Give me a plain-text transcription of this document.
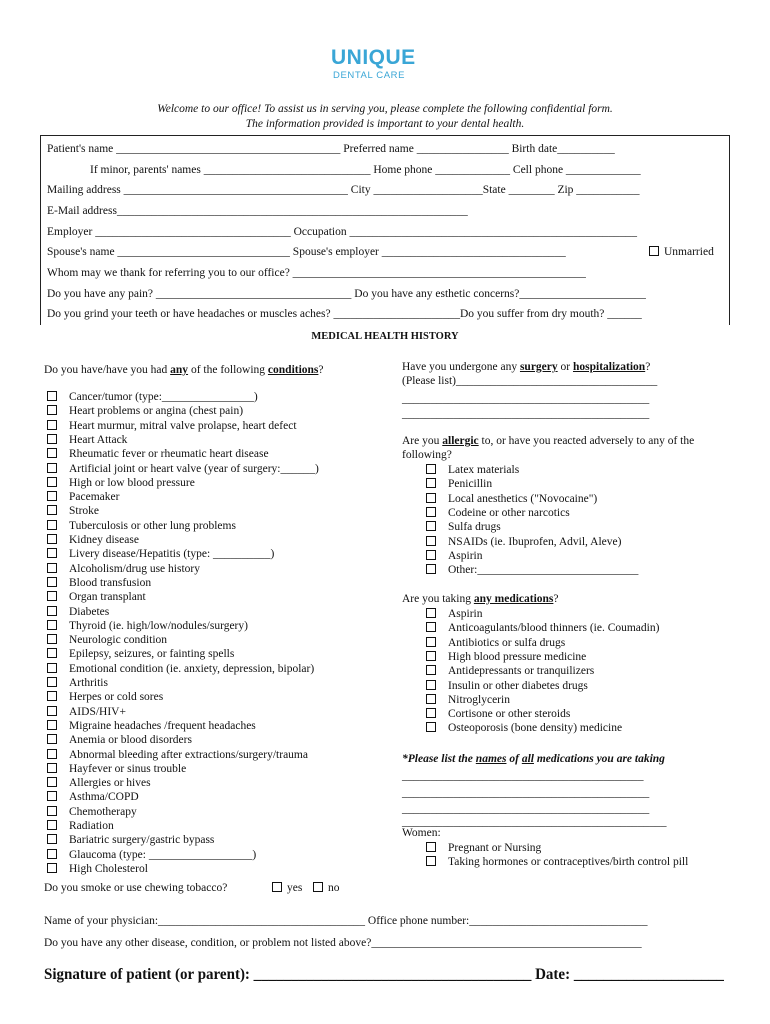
UNIQUE
DENTAL CARE
Welcome to our office! To assist us in serving you, please complete the following confidential form.
The information provided is important to your dental health.
Patient's name _______________________________________ Preferred name ________________ Birth date__________
If minor, parents' names _____________________________ Home phone _____________ Cell phone _____________
Mailing address _______________________________________ City ___________________State ________ Zip ___________
E-Mail address_____________________________________________________________
Employer __________________________________ Occupation __________________________________________________
Spouse's name ______________________________ Spouse's employer ________________________________	Unmarried
Whom may we thank for referring you to our office? ___________________________________________________
Do you have any pain? __________________________________ Do you have any esthetic concerns?______________________
Do you grind your teeth or have headaches or muscles aches? ______________________Do you suffer from dry mouth? ______
MEDICAL HEALTH HISTORY
Do you have/have you had any of the following conditions?
Cancer/tumor (type:________________)
Heart problems or angina (chest pain)
Heart murmur, mitral valve prolapse, heart defect
Heart Attack
Rheumatic fever or rheumatic heart disease
Artificial joint or heart valve (year of surgery:______)
High or low blood pressure
Pacemaker
Stroke
Tuberculosis or other lung problems
Kidney disease
Livery disease/Hepatitis (type: __________)
Alcoholism/drug use history
Blood transfusion
Organ transplant
Diabetes
Thyroid (ie. high/low/nodules/surgery)
Neurologic condition
Epilepsy, seizures, or fainting spells
Emotional condition (ie. anxiety, depression, bipolar)
Arthritis
Herpes or cold sores
AIDS/HIV+
Migraine headaches /frequent headaches
Anemia or blood disorders
Abnormal bleeding after extractions/surgery/trauma
Hayfever or sinus trouble
Allergies or hives
Asthma/COPD
Chemotherapy
Radiation
Bariatric surgery/gastric bypass
Glaucoma (type: __________________)
High Cholesterol
Do you smoke or use chewing tobacco?	yes	no
Have you undergone any surgery or hospitalization?
(Please list)___________________________________
___________________________________________
___________________________________________
Are you allergic to, or have you reacted adversely to any of the
following?
Latex materials
Penicillin
Local anesthetics ("Novocaine")
Codeine or other narcotics
Sulfa drugs
NSAIDs (ie. Ibuprofen, Advil, Aleve)
Aspirin
Other:____________________________
Are you taking any medications?
Aspirin
Anticoagulants/blood thinners (ie. Coumadin)
Antibiotics or sulfa drugs
High blood pressure medicine
Antidepressants or tranquilizers
Insulin or other diabetes drugs
Nitroglycerin
Cortisone or other steroids
Osteoporosis (bone density) medicine
*Please list the names of all medications you are taking
__________________________________________
___________________________________________
___________________________________________
______________________________________________
Women:
Pregnant or Nursing
Taking hormones or contraceptives/birth control pill
Name of your physician:____________________________________ Office phone number:_______________________________
Do you have any other disease, condition, or problem not listed above?_______________________________________________
Signature of patient (or parent): _____________________________________ Date: ____________________
